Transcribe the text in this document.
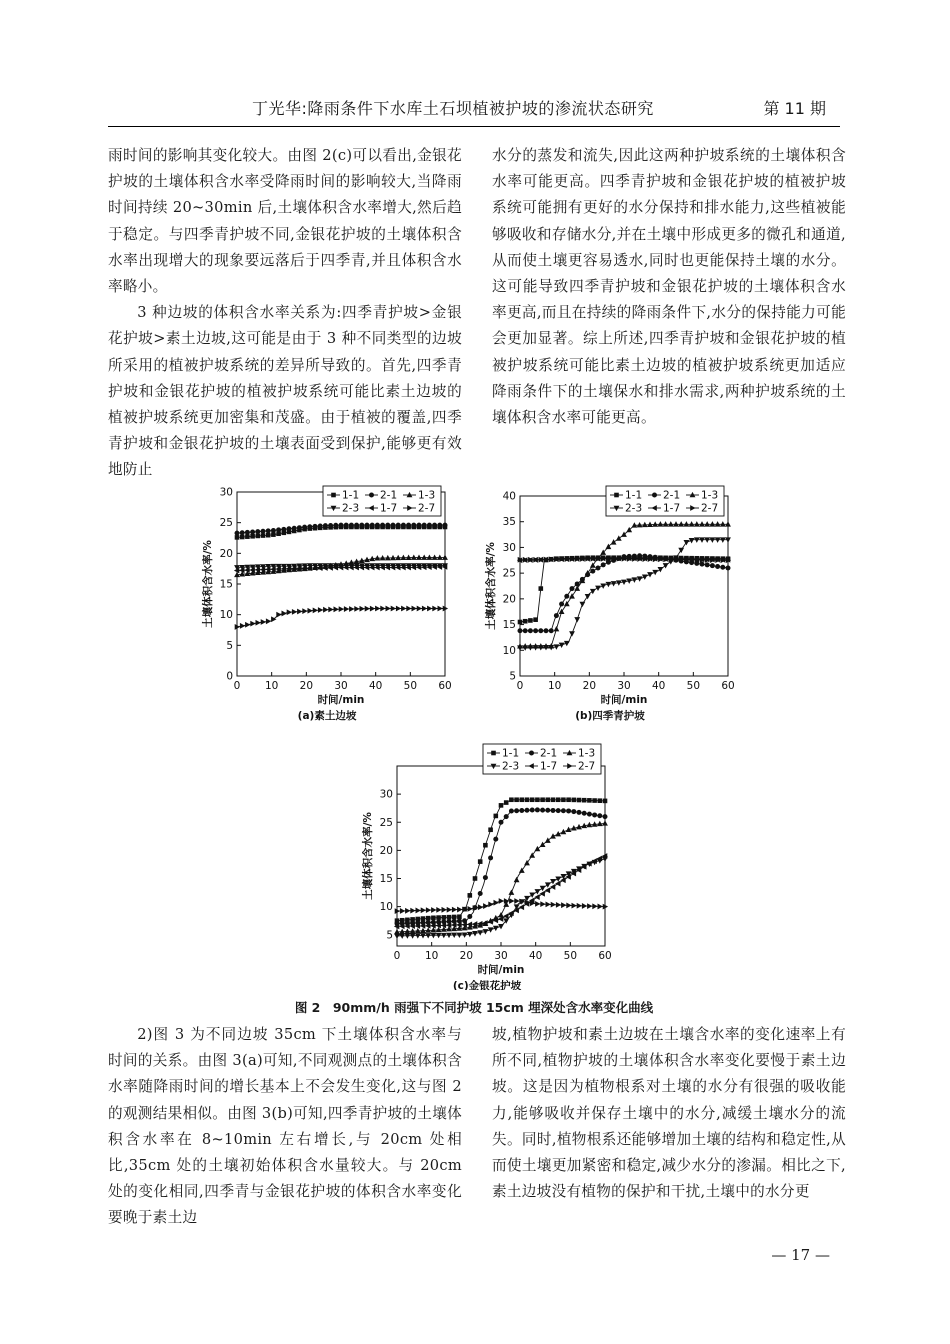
丁光华:降雨条件下水库土石坝植被护坡的渗流状态研究	第 11 期

雨时间的影响其变化较大。由图 2(c)可以看出,金银花护坡的土壤体积含水率受降雨时间的影响较大,当降雨时间持续 20~30min 后,土壤体积含水率增大,然后趋于稳定。与四季青护坡不同,金银花护坡的土壤体积含水率出现增大的现象要远落后于四季青,并且体积含水率略小。

3 种边坡的体积含水率关系为:四季青护坡>金银花护坡>素土边坡,这可能是由于 3 种不同类型的边坡所采用的植被护坡系统的差异所导致的。首先,四季青护坡和金银花护坡的植被护坡系统可能比素土边坡的植被护坡系统更加密集和茂盛。由于植被的覆盖,四季青护坡和金银花护坡的土壤表面受到保护,能够更有效地防止

水分的蒸发和流失,因此这两种护坡系统的土壤体积含水率可能更高。四季青护坡和金银花护坡的植被护坡系统可能拥有更好的水分保持和排水能力,这些植被能够吸收和存储水分,并在土壤中形成更多的微孔和通道,从而使土壤更容易透水,同时也更能保持土壤的水分。这可能导致四季青护坡和金银花护坡的土壤体积含水率更高,而且在持续的降雨条件下,水分的保持能力可能会更加显著。综上所述,四季青护坡和金银花护坡的植被护坡系统可能比素土边坡的植被护坡系统更加适应降雨条件下的土壤保水和排水需求,两种护坡系统的土壤体积含水率可能更高。

0 10 20 30 40 50 60
0
5
10
15
20
25
30
时间/min
土壤体积含水率/%
(a)素土边坡
1-1 2-1 1-3
2-3 1-7 2-7
0 10 20 30 40 50 60
5
10
15
20
25
30
35
40
时间/min
土壤体积含水率/%
(b)四季青护坡
1-1 2-1 1-3
2-3 1-7 2-7
0 10 20 30 40 50 60
5
10
15
20
25
30
时间/min
土壤体积含水率/%
(c)金银花护坡
1-1 2-1 1-3
2-3 1-7 2-7
图 2　90mm/h 雨强下不同护坡 15cm 埋深处含水率变化曲线

2)图 3 为不同边坡 35cm 下土壤体积含水率与时间的关系。由图 3(a)可知,不同观测点的土壤体积含水率随降雨时间的增长基本上不会发生变化,这与图 2 的观测结果相似。由图 3(b)可知,四季青护坡的土壤体积含水率在 8~10min 左右增长,与 20cm 处相比,35cm 处的土壤初始体积含水量较大。与 20cm 处的变化相同,四季青与金银花护坡的体积含水率变化要晚于素土边

坡,植物护坡和素土边坡在土壤含水率的变化速率上有所不同,植物护坡的土壤体积含水率变化要慢于素土边坡。这是因为植物根系对土壤的水分有很强的吸收能力,能够吸收并保存土壤中的水分,减缓土壤水分的流失。同时,植物根系还能够增加土壤的结构和稳定性,从而使土壤更加紧密和稳定,减少水分的渗漏。相比之下,素土边坡没有植物的保护和干扰,土壤中的水分更

— 17 —
